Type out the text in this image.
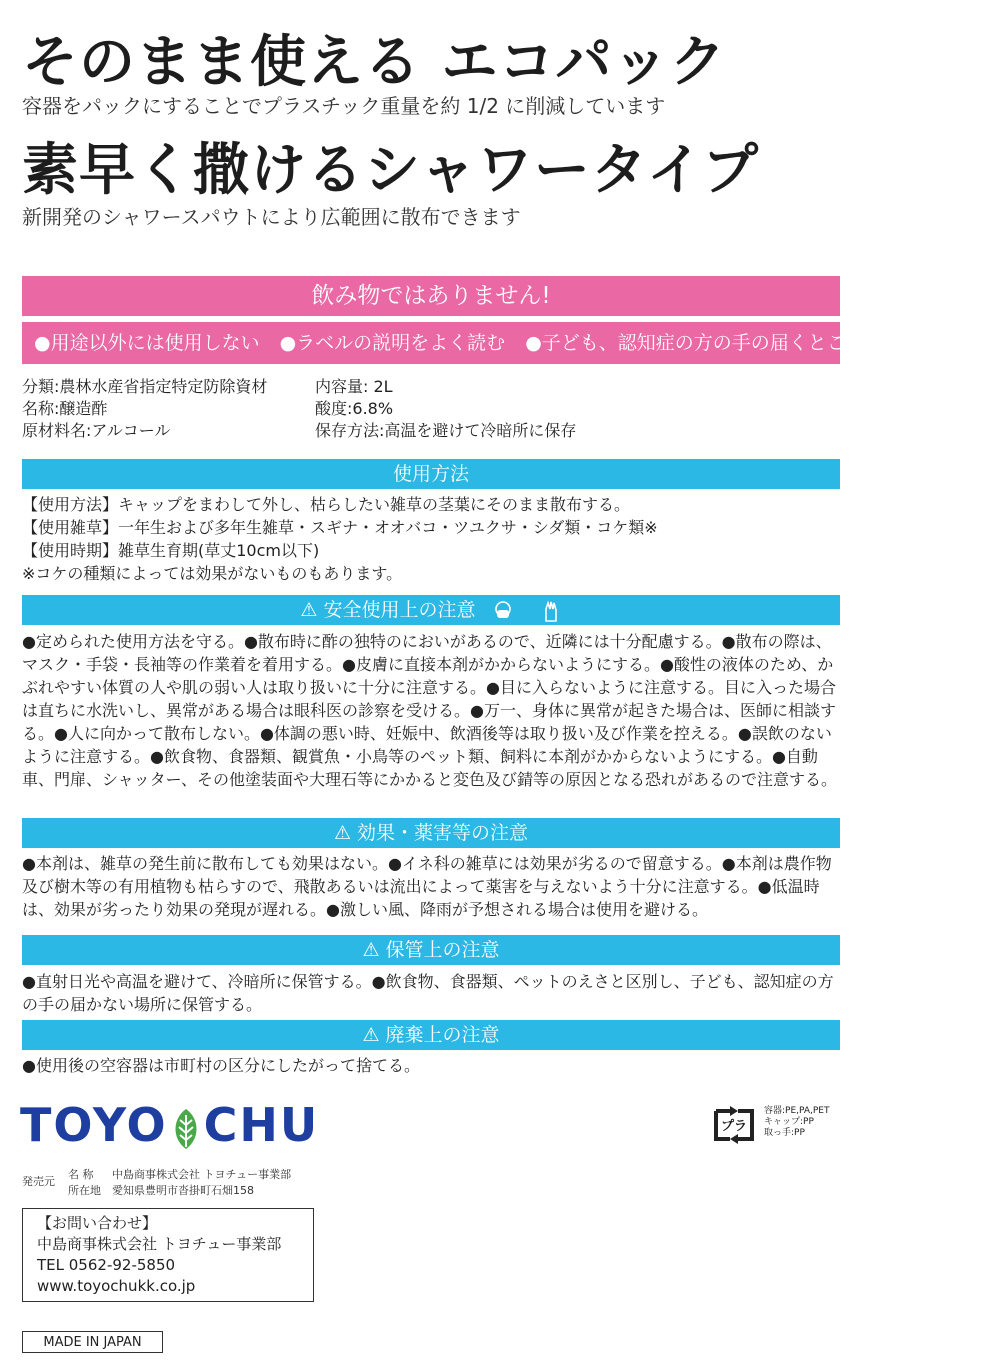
そのまま使える エコパック
容器をパックにすることでプラスチック重量を約 1/2 に削減しています
素早く撒けるシャワータイプ
新開発のシャワースパウトにより広範囲に散布できます
飲み物ではありません!
●用途以外には使用しない ●ラベルの説明をよく読む ●子ども、認知症の方の手の届くところには置かない
分類:農林水産省指定特定防除資材
名称:醸造酢
原材料名:アルコール
内容量: 2L
酸度:6.8%
保存方法:高温を避けて冷暗所に保存
使用方法
【使用方法】キャップをまわして外し、枯らしたい雑草の茎葉にそのまま散布する。
【使用雑草】一年生および多年生雑草・スギナ・オオバコ・ツユクサ・シダ類・コケ類※
【使用時期】雑草生育期(草丈10cm以下)
※コケの種類によっては効果がないものもあります。
⚠ 安全使用上の注意
●定められた使用方法を守る。●散布時に酢の独特のにおいがあるので、近隣には十分配慮する。●散布の際は、マスク・手袋・長袖等の作業着を着用する。●皮膚に直接本剤がかからないようにする。●酸性の液体のため、かぶれやすい体質の人や肌の弱い人は取り扱いに十分に注意する。●目に入らないように注意する。目に入った場合は直ちに水洗いし、異常がある場合は眼科医の診察を受ける。●万一、身体に異常が起きた場合は、医師に相談する。●人に向かって散布しない。●体調の悪い時、妊娠中、飲酒後等は取り扱い及び作業を控える。●誤飲のないように注意する。●飲食物、食器類、観賞魚・小鳥等のペット類、飼料に本剤がかからないようにする。●自動車、門扉、シャッター、その他塗装面や大理石等にかかると変色及び錆等の原因となる恐れがあるので注意する。
⚠ 効果・薬害等の注意
●本剤は、雑草の発生前に散布しても効果はない。●イネ科の雑草には効果が劣るので留意する。●本剤は農作物及び樹木等の有用植物も枯らすので、飛散あるいは流出によって薬害を与えないよう十分に注意する。●低温時は、効果が劣ったり効果の発現が遅れる。●激しい風、降雨が予想される場合は使用を避ける。
⚠ 保管上の注意
●直射日光や高温を避けて、冷暗所に保管する。●飲食物、食器類、ペットのえさと区別し、子ども、認知症の方の手の届かない場所に保管する。
⚠ 廃棄上の注意
●使用後の空容器は市町村の区分にしたがって捨てる。
TOYO CHU
発売元
名 称 中島商事株式会社 トヨチュー事業部
所在地 愛知県豊明市沓掛町石畑158
【お問い合わせ】
中島商事株式会社 トヨチュー事業部
TEL 0562-92-5850
www.toyochukk.co.jp
MADE IN JAPAN
プラ
容器:PE,PA,PET
キャップ:PP
取っ手:PP
